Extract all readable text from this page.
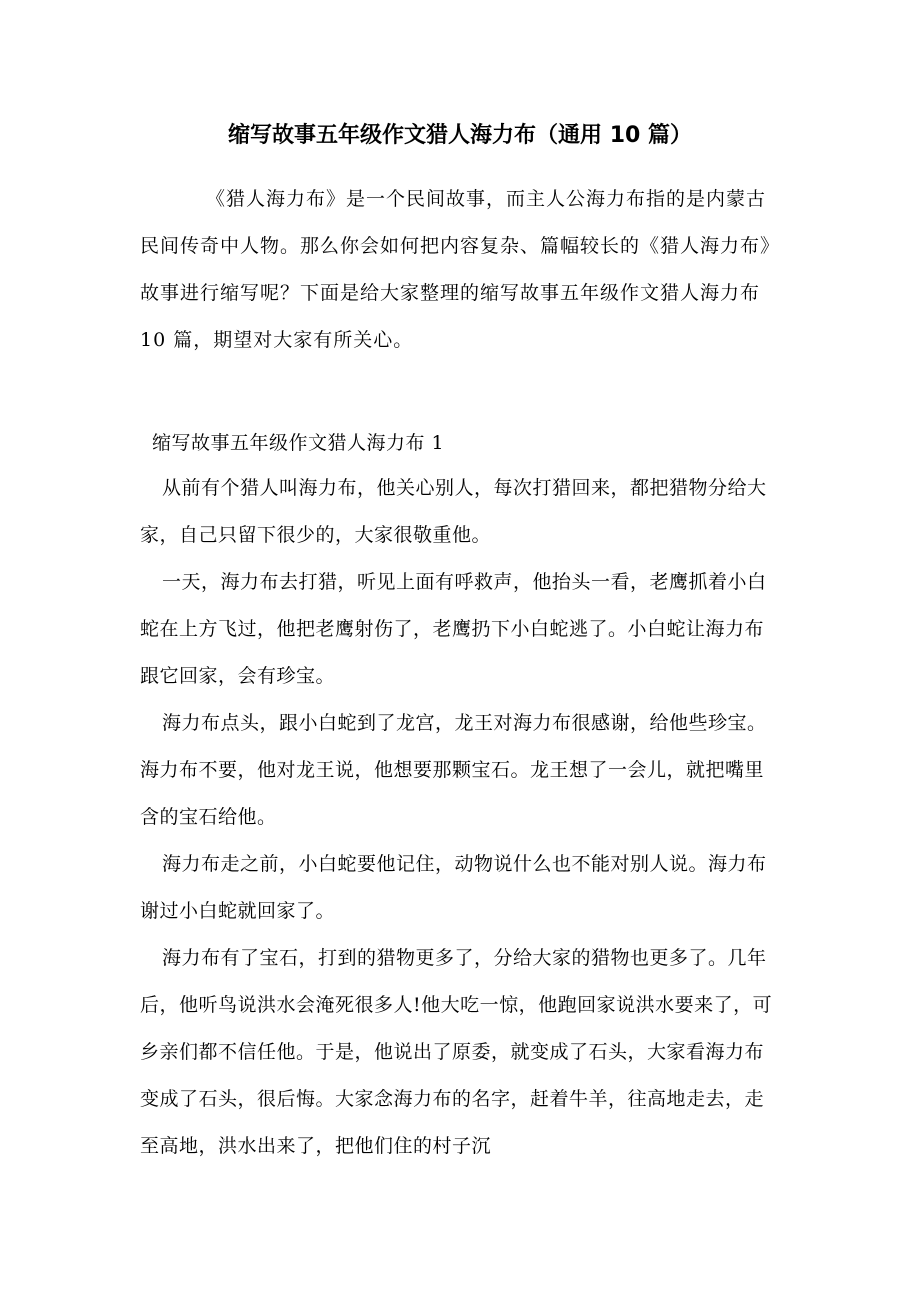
缩写故事五年级作文猎人海力布（通用 10 篇）

《猎人海力布》是一个民间故事，而主人公海力布指的是内蒙古民间传奇中人物。那么你会如何把内容复杂、篇幅较长的《猎人海力布》故事进行缩写呢？下面是给大家整理的缩写故事五年级作文猎人海力布 10 篇，期望对大家有所关心。

缩写故事五年级作文猎人海力布 1

从前有个猎人叫海力布，他关心别人，每次打猎回来，都把猎物分给大家，自己只留下很少的，大家很敬重他。

一天，海力布去打猎，听见上面有呼救声，他抬头一看，老鹰抓着小白蛇在上方飞过，他把老鹰射伤了，老鹰扔下小白蛇逃了。小白蛇让海力布跟它回家，会有珍宝。

海力布点头，跟小白蛇到了龙宫，龙王对海力布很感谢，给他些珍宝。海力布不要，他对龙王说，他想要那颗宝石。龙王想了一会儿，就把嘴里含的宝石给他。

海力布走之前，小白蛇要他记住，动物说什么也不能对别人说。海力布谢过小白蛇就回家了。

海力布有了宝石，打到的猎物更多了，分给大家的猎物也更多了。几年后，他听鸟说洪水会淹死很多人!他大吃一惊，他跑回家说洪水要来了，可乡亲们都不信任他。于是，他说出了原委，就变成了石头，大家看海力布变成了石头，很后悔。大家念海力布的名字，赶着牛羊，往高地走去，走至高地，洪水出来了，把他们住的村子沉
